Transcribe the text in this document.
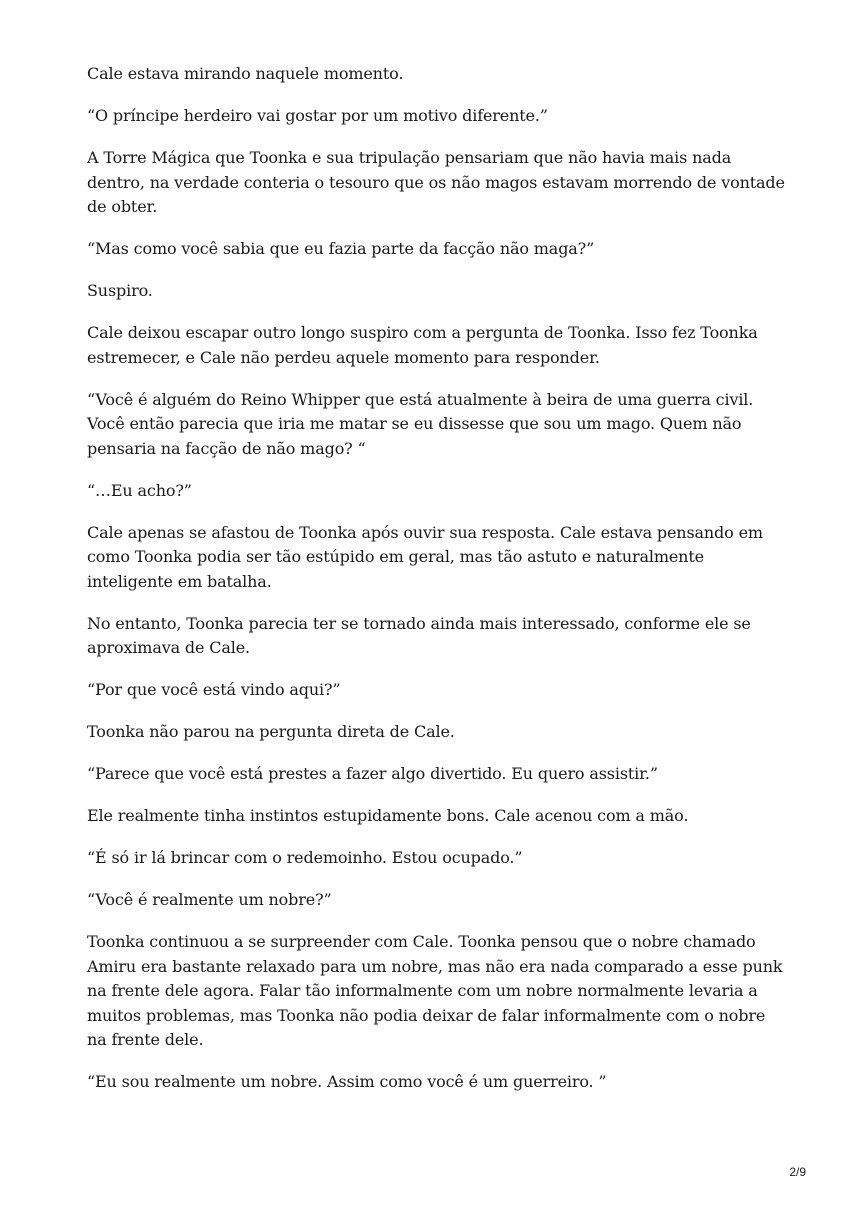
Cale estava mirando naquele momento.

“O príncipe herdeiro vai gostar por um motivo diferente.”

A Torre Mágica que Toonka e sua tripulação pensariam que não havia mais nada dentro, na verdade conteria o tesouro que os não magos estavam morrendo de vontade de obter.

“Mas como você sabia que eu fazia parte da facção não maga?”

Suspiro.

Cale deixou escapar outro longo suspiro com a pergunta de Toonka. Isso fez Toonka estremecer, e Cale não perdeu aquele momento para responder.

“Você é alguém do Reino Whipper que está atualmente à beira de uma guerra civil. Você então parecia que iria me matar se eu dissesse que sou um mago. Quem não pensaria na facção de não mago? “

“…Eu acho?”

Cale apenas se afastou de Toonka após ouvir sua resposta. Cale estava pensando em como Toonka podia ser tão estúpido em geral, mas tão astuto e naturalmente inteligente em batalha.

No entanto, Toonka parecia ter se tornado ainda mais interessado, conforme ele se aproximava de Cale.

“Por que você está vindo aqui?”

Toonka não parou na pergunta direta de Cale.

“Parece que você está prestes a fazer algo divertido. Eu quero assistir.”

Ele realmente tinha instintos estupidamente bons. Cale acenou com a mão.

“É só ir lá brincar com o redemoinho. Estou ocupado.”

“Você é realmente um nobre?”

Toonka continuou a se surpreender com Cale. Toonka pensou que o nobre chamado Amiru era bastante relaxado para um nobre, mas não era nada comparado a esse punk na frente dele agora. Falar tão informalmente com um nobre normalmente levaria a muitos problemas, mas Toonka não podia deixar de falar informalmente com o nobre na frente dele.

“Eu sou realmente um nobre. Assim como você é um guerreiro. ”

2/9
